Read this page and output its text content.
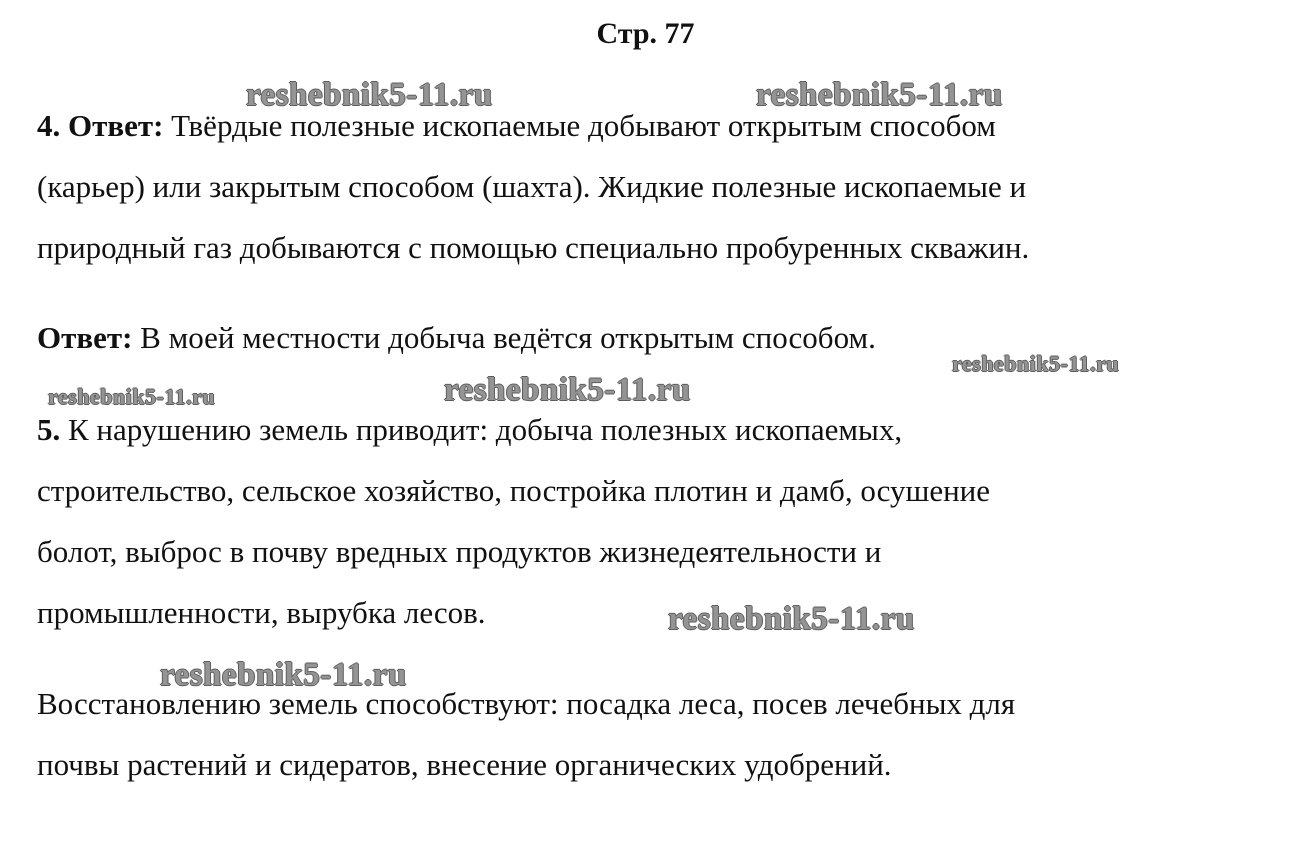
Стр. 77
4. Ответ: Твёрдые полезные ископаемые добывают открытым способом
(карьер) или закрытым способом (шахта). Жидкие полезные ископаемые и
природный газ добываются с помощью специально пробуренных скважин.
Ответ: В моей местности добыча ведётся открытым способом.
5. К нарушению земель приводит: добыча полезных ископаемых,
строительство, сельское хозяйство, постройка плотин и дамб, осушение
болот, выброс в почву вредных продуктов жизнедеятельности и
промышленности, вырубка лесов.
Восстановлению земель способствуют: посадка леса, посев лечебных для
почвы растений и сидератов, внесение органических удобрений.
reshebnik5-11.ru	reshebnik5-11.ru
reshebnik5-11.ru
reshebnik5-11.ru	reshebnik5-11.ru
reshebnik5-11.ru
reshebnik5-11.ru
